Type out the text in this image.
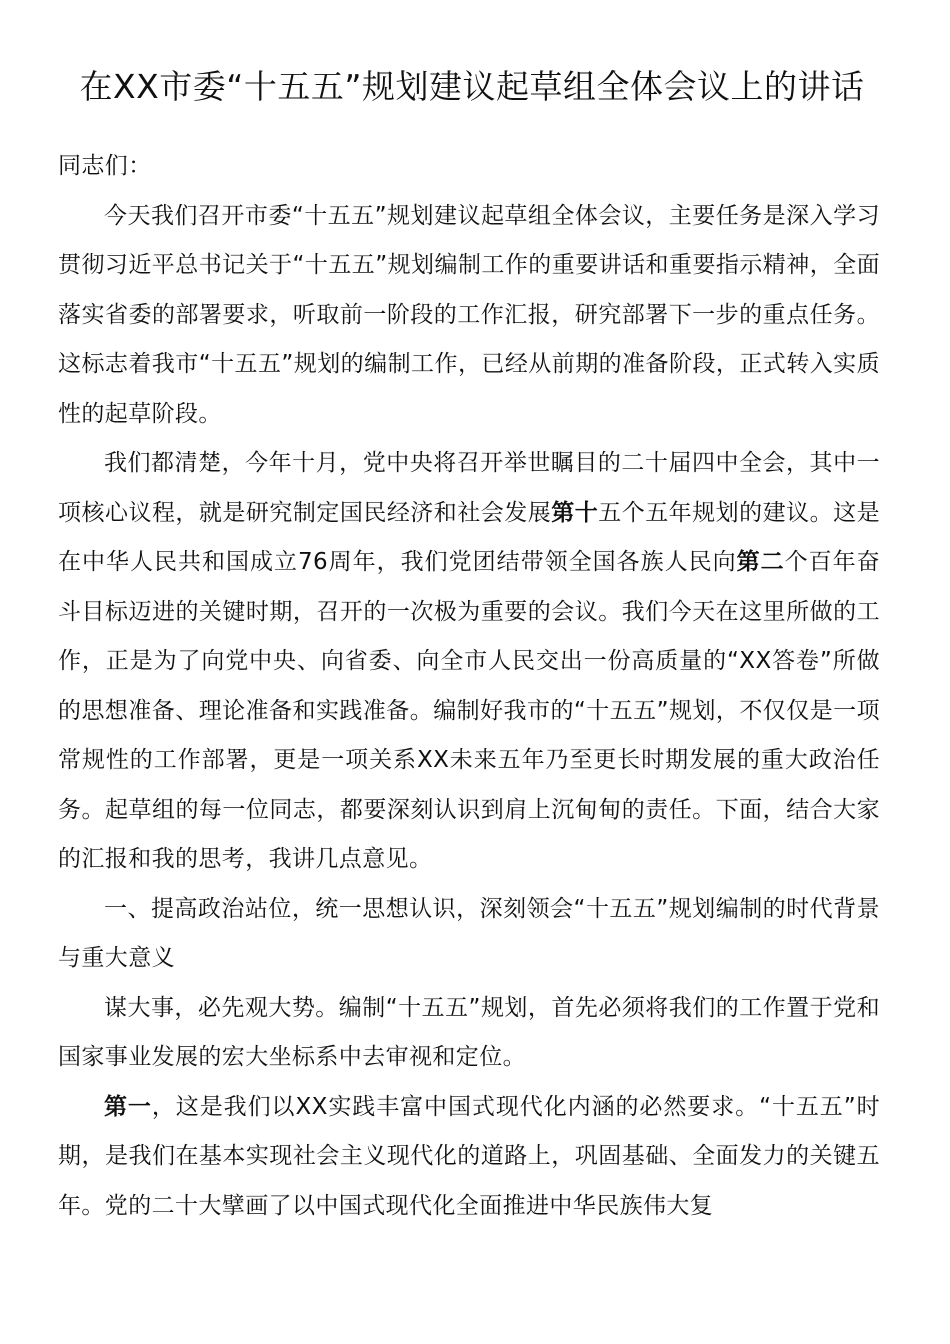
在XX市委“十五五”规划建议起草组全体会议上的讲话

同志们：

今天我们召开市委“十五五”规划建议起草组全体会议，主要任务是深入学习贯彻习近平总书记关于“十五五”规划编制工作的重要讲话和重要指示精神，全面落实省委的部署要求，听取前一阶段的工作汇报，研究部署下一步的重点任务。这标志着我市“十五五”规划的编制工作，已经从前期的准备阶段，正式转入实质性的起草阶段。

我们都清楚，今年十月，党中央将召开举世瞩目的二十届四中全会，其中一项核心议程，就是研究制定国民经济和社会发展第十五个五年规划的建议。这是在中华人民共和国成立76周年，我们党团结带领全国各族人民向第二个百年奋斗目标迈进的关键时期，召开的一次极为重要的会议。我们今天在这里所做的工作，正是为了向党中央、向省委、向全市人民交出一份高质量的“XX答卷”所做的思想准备、理论准备和实践准备。编制好我市的“十五五”规划，不仅仅是一项常规性的工作部署，更是一项关系XX未来五年乃至更长时期发展的重大政治任务。起草组的每一位同志，都要深刻认识到肩上沉甸甸的责任。下面，结合大家的汇报和我的思考，我讲几点意见。

一、提高政治站位，统一思想认识，深刻领会“十五五”规划编制的时代背景与重大意义

谋大事，必先观大势。编制“十五五”规划，首先必须将我们的工作置于党和国家事业发展的宏大坐标系中去审视和定位。

第一，这是我们以XX实践丰富中国式现代化内涵的必然要求。“十五五”时期，是我们在基本实现社会主义现代化的道路上，巩固基础、全面发力的关键五年。党的二十大擘画了以中国式现代化全面推进中华民族伟大复
